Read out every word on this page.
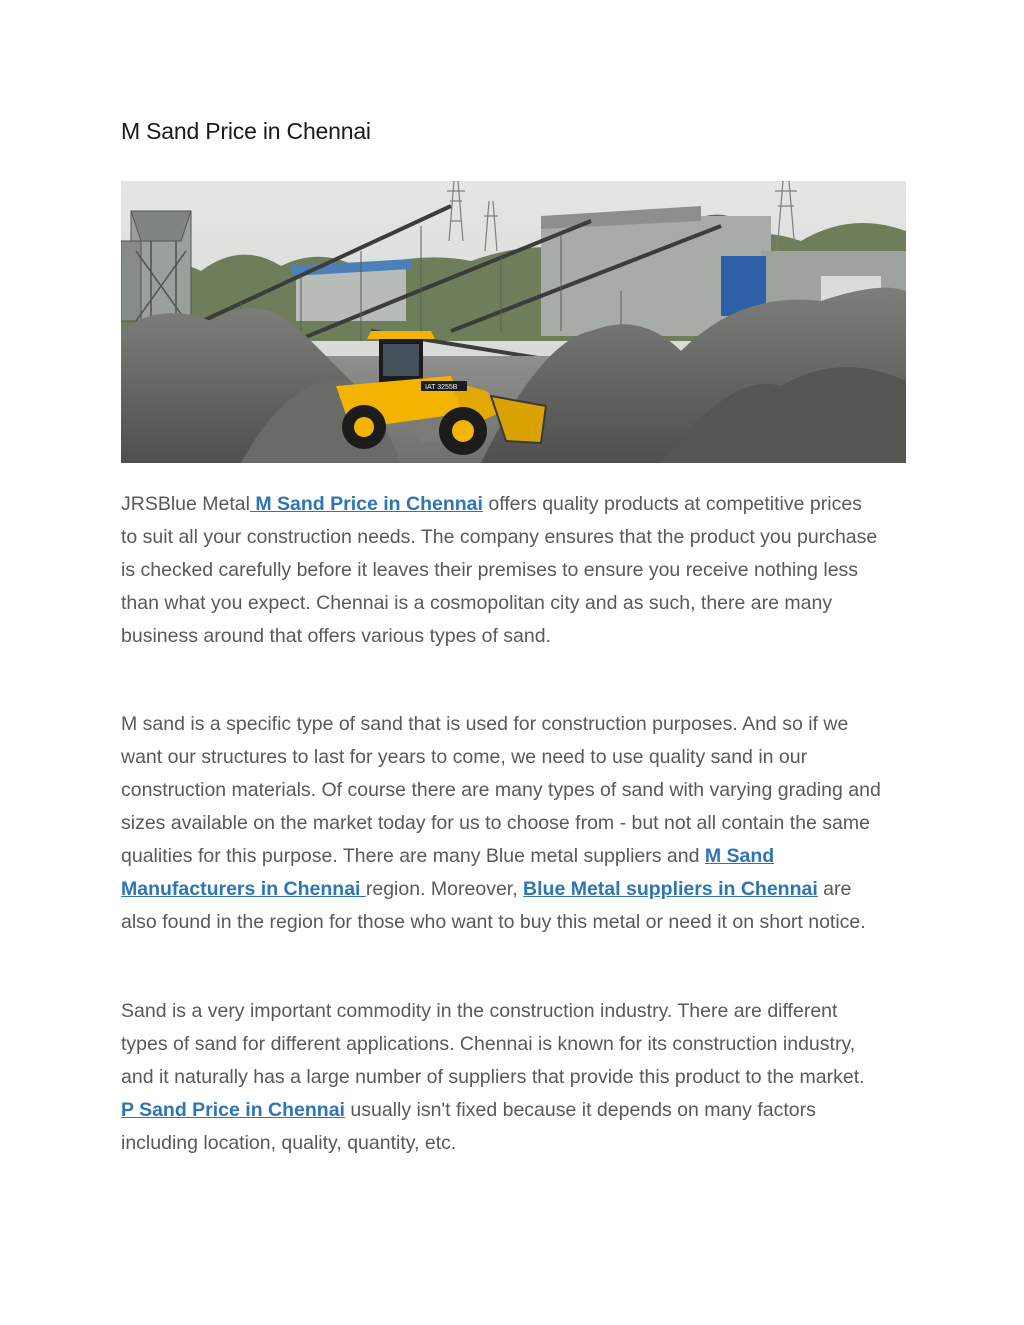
M Sand Price in Chennai
IAT 3255B

JRSBlue Metal M Sand Price in Chennai offers quality products at competitive prices to suit all your construction needs. The company ensures that the product you purchase is checked carefully before it leaves their premises to ensure you receive nothing less than what you expect. Chennai is a cosmopolitan city and as such, there are many business around that offers various types of sand.

M sand is a specific type of sand that is used for construction purposes. And so if we want our structures to last for years to come, we need to use quality sand in our construction materials. Of course there are many types of sand with varying grading and sizes available on the market today for us to choose from - but not all contain the same qualities for this purpose. There are many Blue metal suppliers and M Sand Manufacturers in Chennai region. Moreover, Blue Metal suppliers in Chennai are also found in the region for those who want to buy this metal or need it on short notice.

Sand is a very important commodity in the construction industry. There are different types of sand for different applications. Chennai is known for its construction industry, and it naturally has a large number of suppliers that provide this product to the market. P Sand Price in Chennai usually isn't fixed because it depends on many factors including location, quality, quantity, etc.
